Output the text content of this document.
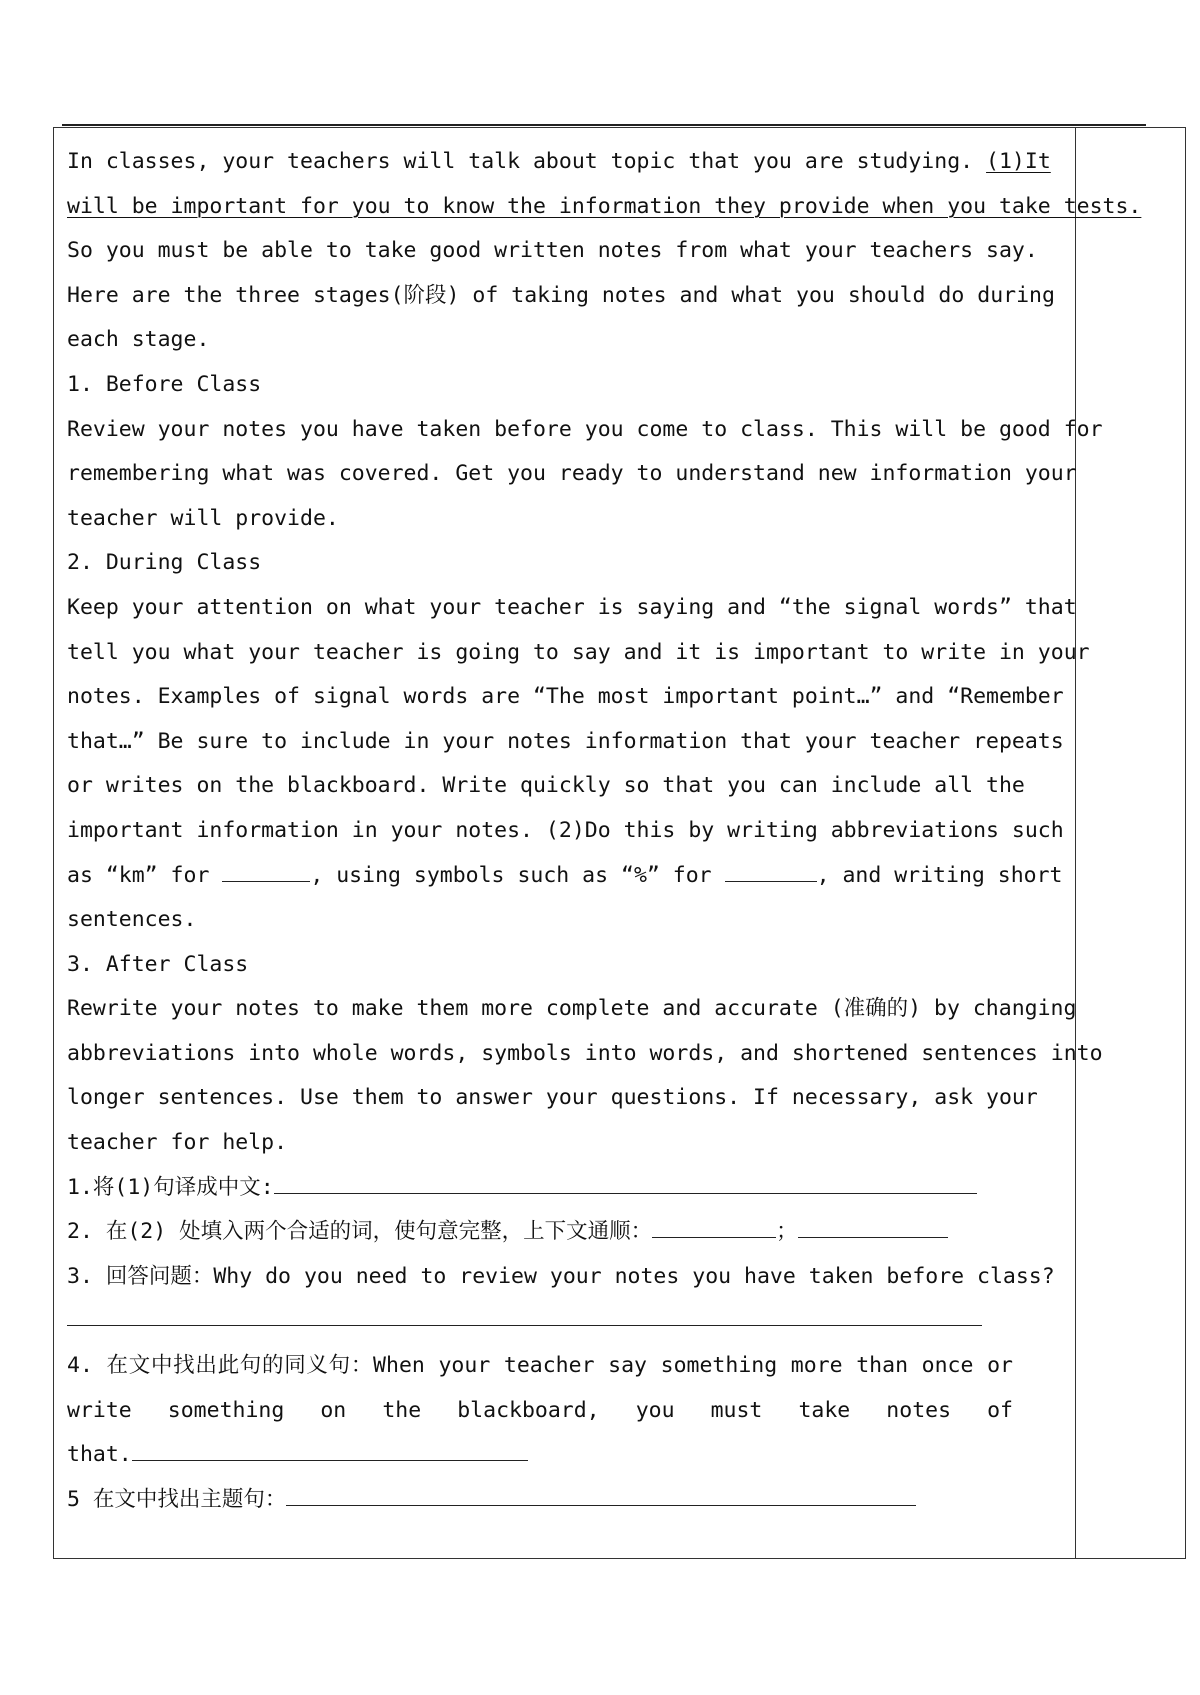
In classes, your teachers will talk about topic that you are studying. (1)It
will be important for you to know the information they provide when you take tests.
So you must be able to take good written notes from what your teachers say.
Here are the three stages(阶段) of taking notes and what you should do during
each stage.
1. Before Class
Review your notes you have taken before you come to class. This will be good for
remembering what was covered. Get you ready to understand new information your
teacher will provide.
2. During Class
Keep your attention on what your teacher is saying and “the signal words” that
tell you what your teacher is going to say and it is important to write in your
notes. Examples of signal words are “The most important point…” and “Remember
that…” Be sure to include in your notes information that your teacher repeats
or writes on the blackboard. Write quickly so that you can include all the
important information in your notes. (2)Do this by writing abbreviations such
as “km” for	, using symbols such as “%” for	, and writing short
sentences.
3. After Class
Rewrite your notes to make them more complete and accurate (准确的) by changing
abbreviations into whole words, symbols into words, and shortened sentences into
longer sentences. Use them to answer your questions. If necessary, ask your
teacher for help.
1.将(1)句译成中文:
2. 在(2) 处填入两个合适的词，使句意完整，上下文通顺：	；
3. 回答问题：Why do you need to review your notes you have taken before class?
4. 在文中找出此句的同义句：When your teacher say something more than once or
write something on the blackboard, you must take notes of
that.
5 在文中找出主题句：
